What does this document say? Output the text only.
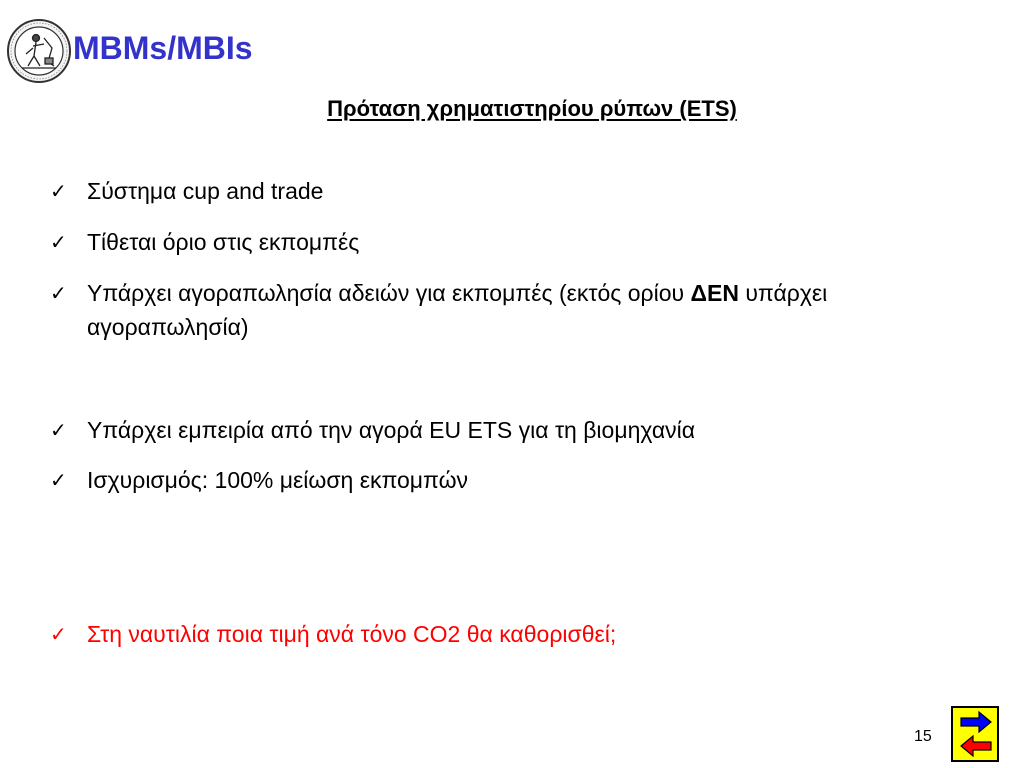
MBMs/MBIs
Πρόταση χρηματιστηρίου ρύπων (ETS)
✓ Σύστημα cup and trade
✓ Τίθεται όριο στις εκπομπές
✓ Υπάρχει αγοραπωλησία αδειών για εκπομπές (εκτός ορίου ΔΕΝ υπάρχει αγοραπωλησία)
✓ Υπάρχει εμπειρία από την αγορά EU ETS για τη βιομηχανία
✓ Ισχυρισμός: 100% μείωση εκπομπών
✓ Στη ναυτιλία ποια τιμή ανά τόνο CO2 θα καθορισθεί;
15
